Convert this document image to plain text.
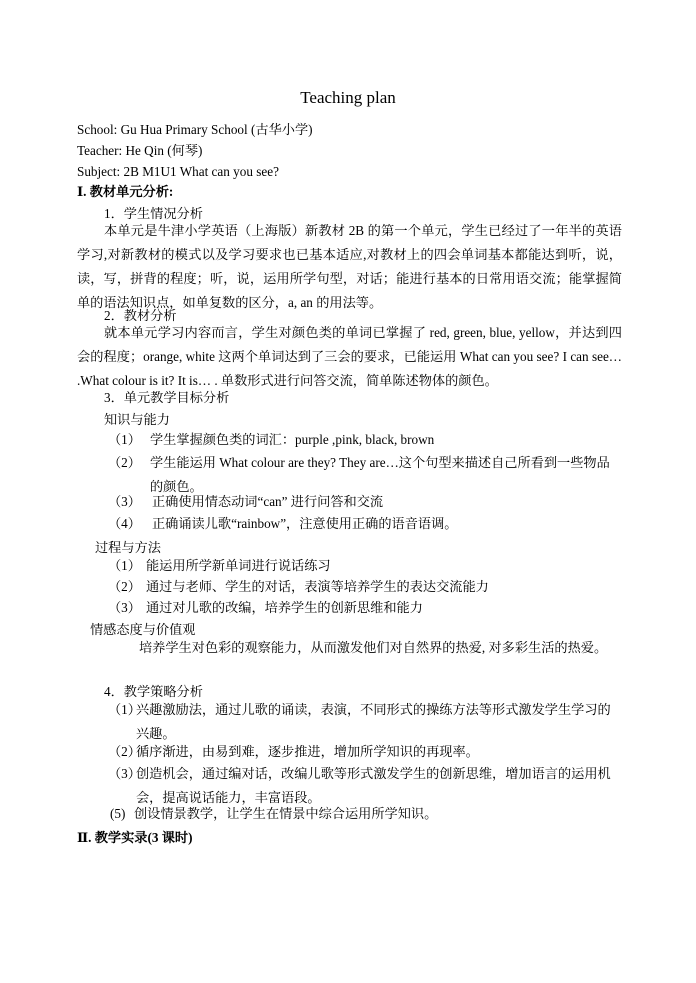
Teaching plan
School: Gu Hua Primary School (古华小学)
Teacher: He Qin (何琴)
Subject: 2B M1U1 What can you see?
Ⅰ. 教材单元分析:
1．学生情况分析
本单元是牛津小学英语（上海版）新教材 2B 的第一个单元，学生已经过了一年半的英语学习,对新教材的模式以及学习要求也已基本适应,对教材上的四会单词基本都能达到听，说，读，写，拼背的程度；听，说，运用所学句型，对话；能进行基本的日常用语交流；能掌握简单的语法知识点，如单复数的区分，a, an 的用法等。
2．教材分析
就本单元学习内容而言，学生对颜色类的单词已掌握了 red, green, blue, yellow，并达到四会的程度；orange, white 这两个单词达到了三会的要求，已能运用 What can you see? I can see… .What colour is it? It is… . 单数形式进行问答交流，简单陈述物体的颜色。
3．单元教学目标分析
知识与能力
（1） 学生掌握颜色类的词汇：purple ,pink, black, brown
（2） 学生能运用 What colour are they? They are…这个句型来描述自己所看到一些物品的颜色。
（3） 正确使用情态动词“can” 进行问答和交流
（4） 正确诵读儿歌“rainbow”，注意使用正确的语音语调。
过程与方法
（1） 能运用所学新单词进行说话练习
（2） 通过与老师、学生的对话，表演等培养学生的表达交流能力
（3） 通过对儿歌的改编，培养学生的创新思维和能力
情感态度与价值观
培养学生对色彩的观察能力，从而激发他们对自然界的热爱, 对多彩生活的热爱。
4．教学策略分析
（1）
兴趣激励法，通过儿歌的诵读，表演，不同形式的操练方法等形式激发学生学习的兴趣。
（2）
循序渐进，由易到难，逐步推进，增加所学知识的再现率。
（3）
创造机会，通过编对话，改编儿歌等形式激发学生的创新思维，增加语言的运用机会，提高说话能力，丰富语段。
(5) 创设情景教学，让学生在情景中综合运用所学知识。
Ⅱ. 教学实录(3 课时)
